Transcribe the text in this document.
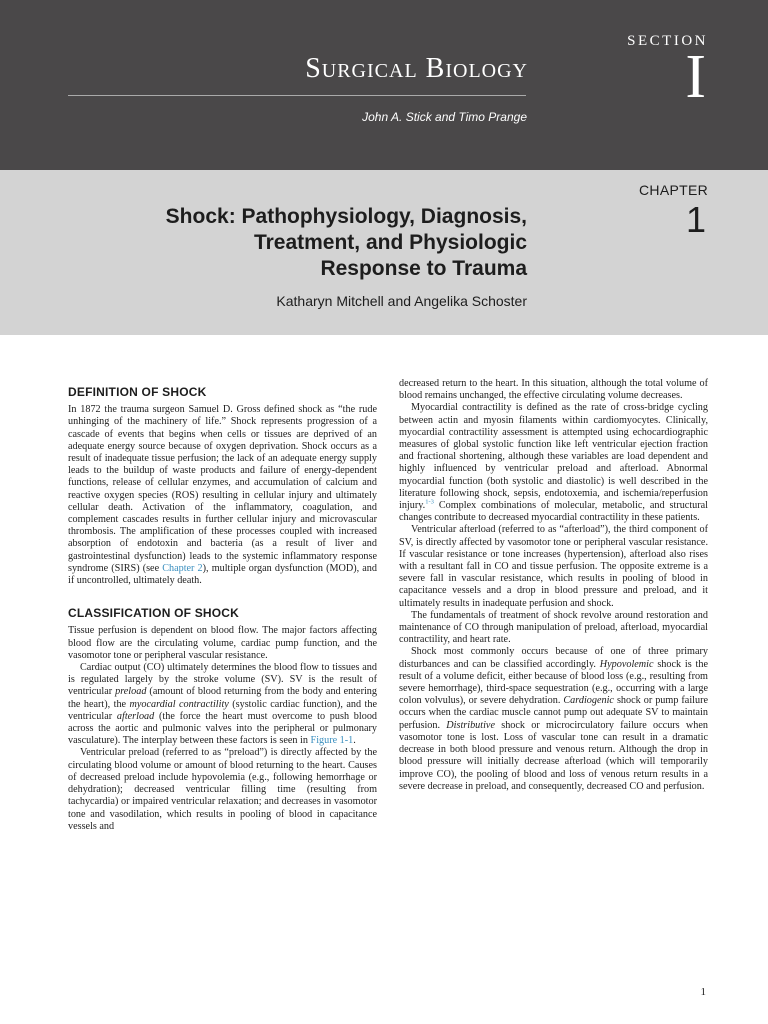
SECTION
I
Surgical Biology
John A. Stick and Timo Prange
CHAPTER
1
Shock: Pathophysiology, Diagnosis,
Treatment, and Physiologic
Response to Trauma
Katharyn Mitchell and Angelika Schoster
DEFINITION OF SHOCK

In 1872 the trauma surgeon Samuel D. Gross defined shock as “the rude unhinging of the machinery of life.” Shock represents progression of a cascade of events that begins when cells or tissues are deprived of an adequate energy source because of oxygen deprivation. Shock occurs as a result of inadequate tissue perfusion; the lack of an adequate energy supply leads to the buildup of waste products and failure of energy-dependent functions, release of cellular enzymes, and accumulation of calcium and reactive oxygen species (ROS) resulting in cellular injury and ultimately cellular death. Activation of the inflammatory, coagulation, and complement cascades results in further cellular injury and microvascular thrombosis. The amplification of these processes coupled with increased absorption of endotoxin and bacteria (as a result of liver and gastrointestinal dysfunction) leads to the systemic inflammatory response syndrome (SIRS) (see Chapter 2), multiple organ dysfunction (MOD), and if uncontrolled, ultimately death.

CLASSIFICATION OF SHOCK

Tissue perfusion is dependent on blood flow. The major factors affecting blood flow are the circulating volume, cardiac pump function, and the vasomotor tone or peripheral vascular resistance.

Cardiac output (CO) ultimately determines the blood flow to tissues and is regulated largely by the stroke volume (SV). SV is the result of ventricular preload (amount of blood returning from the body and entering the heart), the myocardial contractility (systolic cardiac function), and the ventricular afterload (the force the heart must overcome to push blood across the aortic and pulmonic valves into the peripheral or pulmonary vasculature). The interplay between these factors is seen in Figure 1-1.

Ventricular preload (referred to as “preload”) is directly affected by the circulating blood volume or amount of blood returning to the heart. Causes of decreased preload include hypovolemia (e.g., following hemorrhage or dehydration); decreased ventricular filling time (resulting from tachycardia) or impaired ventricular relaxation; and decreases in vasomotor tone and vasodilation, which results in pooling of blood in capacitance vessels and

decreased return to the heart. In this situation, although the total volume of blood remains unchanged, the effective circulating volume decreases.

Myocardial contractility is defined as the rate of cross-bridge cycling between actin and myosin filaments within cardiomyocytes. Clinically, myocardial contractility assessment is attempted using echocardiographic measures of global systolic function like left ventricular ejection fraction and fractional shortening, although these variables are load dependent and highly influenced by ventricular preload and afterload. Abnormal myocardial function (both systolic and diastolic) is well described in the literature following shock, sepsis, endotoxemia, and ischemia/reperfusion injury.$^{1-3}$ Complex combinations of molecular, metabolic, and structural changes contribute to decreased myocardial contractility in these patients.

Ventricular afterload (referred to as “afterload”), the third component of SV, is directly affected by vasomotor tone or peripheral vascular resistance. If vascular resistance or tone increases (hypertension), afterload also rises with a resultant fall in CO and tissue perfusion. The opposite extreme is a severe fall in vascular resistance, which results in pooling of blood in capacitance vessels and a drop in blood pressure and preload, and it ultimately results in inadequate perfusion and shock.

The fundamentals of treatment of shock revolve around restoration and maintenance of CO through manipulation of preload, afterload, myocardial contractility, and heart rate.

Shock most commonly occurs because of one of three primary disturbances and can be classified accordingly. Hypovolemic shock is the result of a volume deficit, either because of blood loss (e.g., resulting from severe hemorrhage), third-space sequestration (e.g., occurring with a large colon volvulus), or severe dehydration. Cardiogenic shock or pump failure occurs when the cardiac muscle cannot pump out adequate SV to maintain perfusion. Distributive shock or microcirculatory failure occurs when vasomotor tone is lost. Loss of vascular tone can result in a dramatic decrease in both blood pressure and venous return. Although the drop in blood pressure will initially decrease afterload (which will temporarily improve CO), the pooling of blood and loss of venous return results in a severe decrease in preload, and consequently, decreased CO and perfusion.

1
